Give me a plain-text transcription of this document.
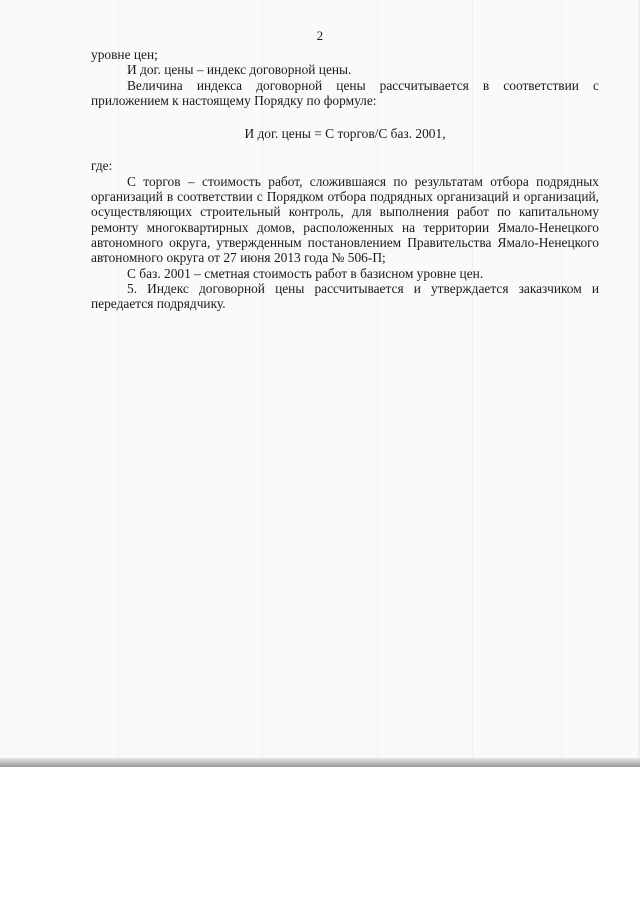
2

уровне цен;

И дог. цены – индекс договорной цены.

Величина индекса договорной цены рассчитывается в соответствии с приложением к настоящему Порядку по формуле:

И дог. цены = С торгов/С баз. 2001,

где:

С торгов – стоимость работ, сложившаяся по результатам отбора подрядных организаций в соответствии с Порядком отбора подрядных организаций и организаций, осуществляющих строительный контроль, для выполнения работ по капитальному ремонту многоквартирных домов, расположенных на территории Ямало-Ненецкого автономного округа, утвержденным постановлением Правительства Ямало-Ненецкого автономного округа от 27 июня 2013 года № 506-П;

С баз. 2001 – сметная стоимость работ в базисном уровне цен.

5. Индекс договорной цены рассчитывается и утверждается заказчиком и передается подрядчику.
